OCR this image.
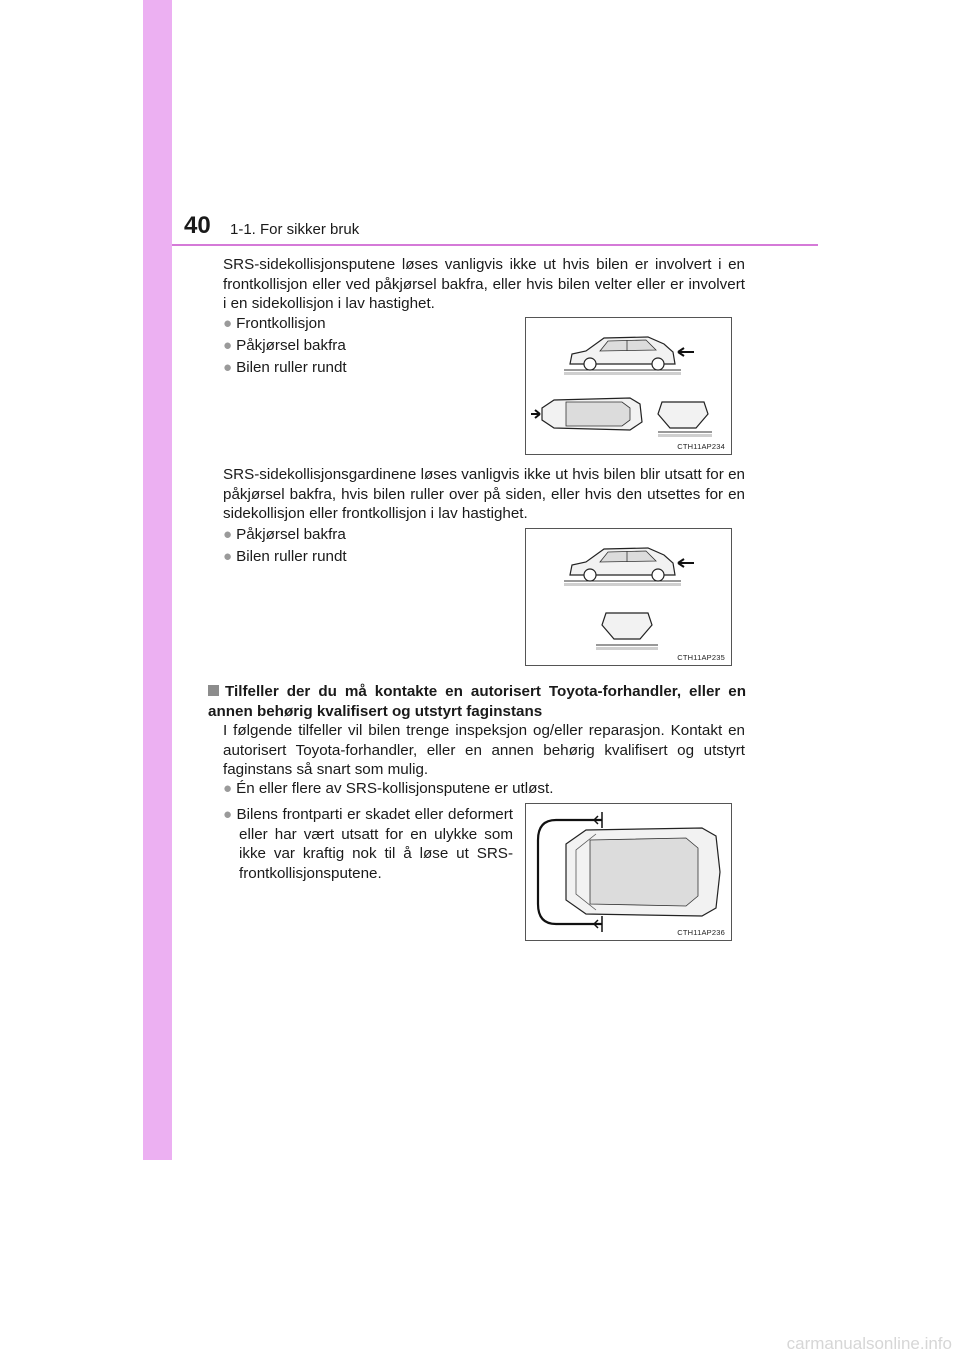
40 1-1. For sikker bruk
SRS-sidekollisjonsputene løses vanligvis ikke ut hvis bilen er involvert i en frontkollisjon eller ved påkjørsel bakfra, eller hvis bilen velter eller er involvert i en sidekollisjon i lav hastighet.
● Frontkollisjon
● Påkjørsel bakfra
● Bilen ruller rundt
CTH11AP234
SRS-sidekollisjonsgardinene løses vanligvis ikke ut hvis bilen blir utsatt for en påkjørsel bakfra, hvis bilen ruller over på siden, eller hvis den utsettes for en sidekollisjon eller frontkollisjon i lav hastighet.
● Påkjørsel bakfra
● Bilen ruller rundt
CTH11AP235
Tilfeller der du må kontakte en autorisert Toyota-forhandler, eller en annen behørig kvalifisert og utstyrt faginstans
I følgende tilfeller vil bilen trenge inspeksjon og/eller reparasjon. Kontakt en autorisert Toyota-forhandler, eller en annen behørig kvalifisert og utstyrt faginstans så snart som mulig.
● Én eller flere av SRS-kollisjonsputene er utløst.
● Bilens frontparti er skadet eller deformert eller har vært utsatt for en ulykke som ikke var kraftig nok til å løse ut SRS-frontkollisjonsputene.
CTH11AP236
carmanualsonline.info
